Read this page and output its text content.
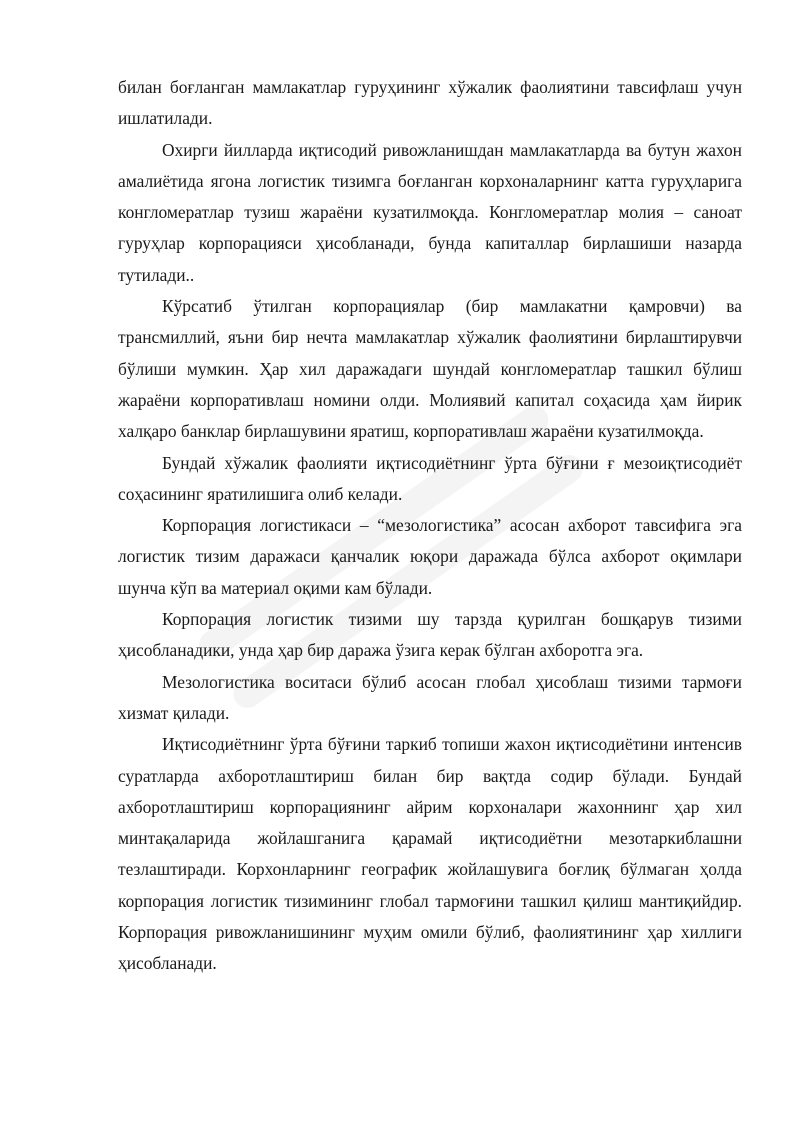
билан боғланган мамлакатлар гуруҳининг хўжалик фаолиятини тавсифлаш учун ишлатилади.

Охирги йилларда иқтисодий ривожланишдан мамлакатларда ва бутун жахон амалиётида ягона логистик тизимга боғланган корхоналарнинг катта гуруҳларига конгломератлар тузиш жараёни кузатилмоқда. Конгломератлар молия – саноат гуруҳлар корпорацияси ҳисобланади, бунда капиталлар бирлашиши назарда тутилади..

Кўрсатиб ўтилган корпорациялар (бир мамлакатни қамровчи) ва трансмиллий, яъни бир нечта мамлакатлар хўжалик фаолиятини бирлаштирувчи бўлиши мумкин. Ҳар хил даражадаги шундай конгломератлар ташкил бўлиш жараёни корпоративлаш номини олди. Молиявий капитал соҳасида ҳам йирик халқаро банклар бирлашувини яратиш, корпоративлаш жараёни кузатилмоқда.

Бундай хўжалик фаолияти иқтисодиётнинг ўрта бўғини ғ мезоиқтисодиёт соҳасининг яратилишига олиб келади.

Корпорация логистикаси – “мезологистика” асосан ахборот тавсифига эга логистик тизим даражаси қанчалик юқори даражада бўлса ахборот оқимлари шунча кўп ва материал оқими кам бўлади.

Корпорация логистик тизими шу тарзда қурилган бошқарув тизими ҳисобланадики, унда ҳар бир даража ўзига керак бўлган ахборотга эга.

Мезологистика воситаси бўлиб асосан глобал ҳисоблаш тизими тармоғи хизмат қилади.

Иқтисодиётнинг ўрта бўғини таркиб топиши жахон иқтисодиётини интенсив суратларда ахборотлаштириш билан бир вақтда содир бўлади. Бундай ахборотлаштириш корпорациянинг айрим корхоналари жахоннинг ҳар хил минтақаларида жойлашганига қарамай иқтисодиётни мезотаркиблашни тезлаштиради. Корхонларнинг географик жойлашувига боғлиқ бўлмаган ҳолда корпорация логистик тизимининг глобал тармоғини ташкил қилиш мантиқийдир. Корпорация ривожланишининг муҳим омили бўлиб, фаолиятининг ҳар хиллиги ҳисобланади.
